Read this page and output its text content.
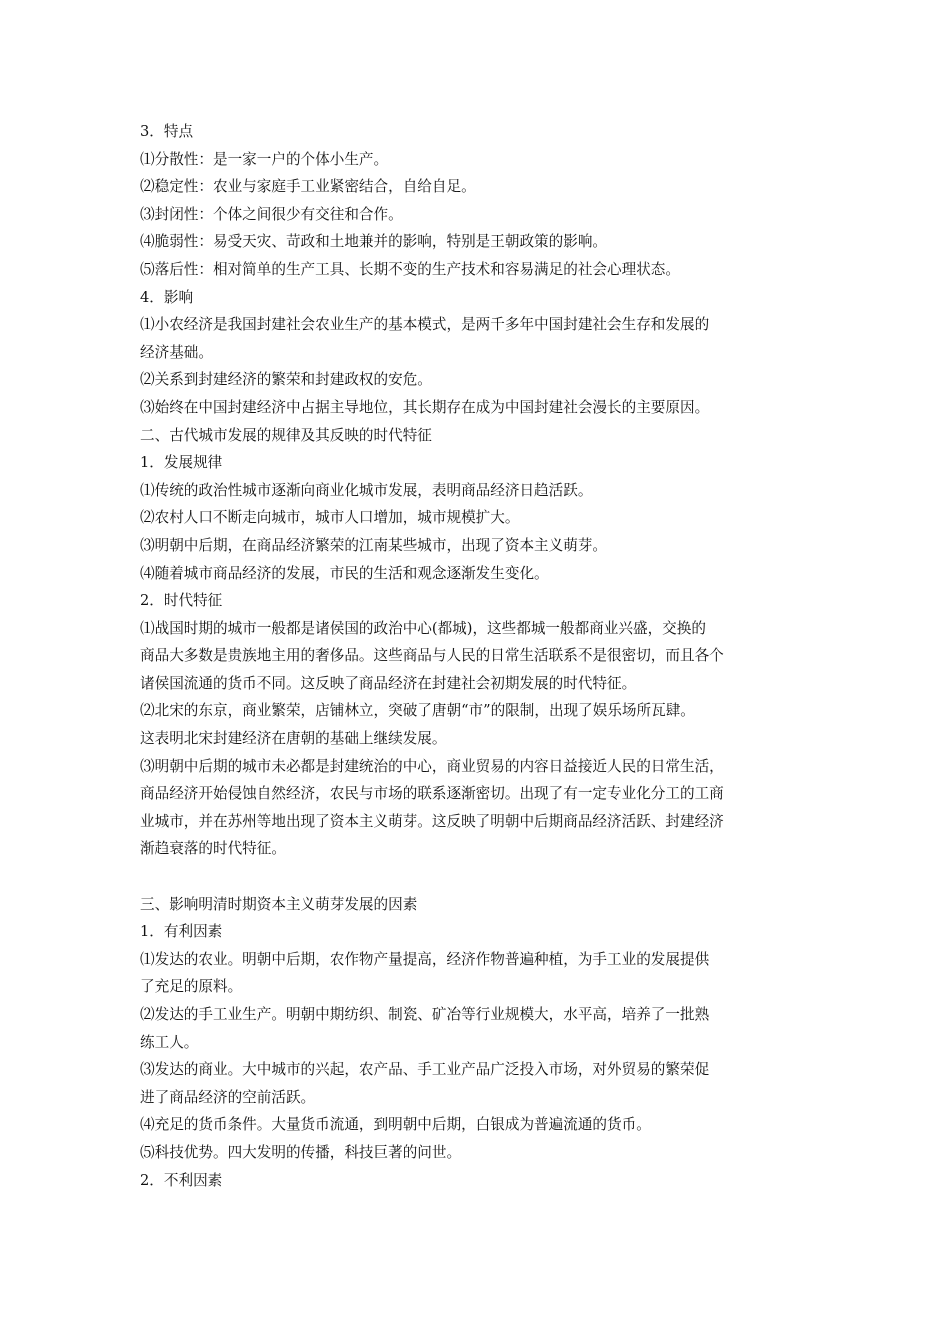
3．特点

⑴分散性：是一家一户的个体小生产。

⑵稳定性：农业与家庭手工业紧密结合，自给自足。

⑶封闭性：个体之间很少有交往和合作。

⑷脆弱性：易受天灾、苛政和土地兼并的影响，特别是王朝政策的影响。

⑸落后性：相对简单的生产工具、长期不变的生产技术和容易满足的社会心理状态。

4．影响

⑴小农经济是我国封建社会农业生产的基本模式，是两千多年中国封建社会生存和发展的

经济基础。

⑵关系到封建经济的繁荣和封建政权的安危。

⑶始终在中国封建经济中占据主导地位，其长期存在成为中国封建社会漫长的主要原因。

二、古代城市发展的规律及其反映的时代特征

1．发展规律

⑴传统的政治性城市逐渐向商业化城市发展，表明商品经济日趋活跃。

⑵农村人口不断走向城市，城市人口增加，城市规模扩大。

⑶明朝中后期，在商品经济繁荣的江南某些城市，出现了资本主义萌芽。

⑷随着城市商品经济的发展，市民的生活和观念逐渐发生变化。

2．时代特征

⑴战国时期的城市一般都是诸侯国的政治中心(都城)，这些都城一般都商业兴盛，交换的

商品大多数是贵族地主用的奢侈品。这些商品与人民的日常生活联系不是很密切，而且各个

诸侯国流通的货币不同。这反映了商品经济在封建社会初期发展的时代特征。

⑵北宋的东京，商业繁荣，店铺林立，突破了唐朝“市”的限制，出现了娱乐场所瓦肆。

这表明北宋封建经济在唐朝的基础上继续发展。

⑶明朝中后期的城市未必都是封建统治的中心，商业贸易的内容日益接近人民的日常生活，

商品经济开始侵蚀自然经济，农民与市场的联系逐渐密切。出现了有一定专业化分工的工商

业城市，并在苏州等地出现了资本主义萌芽。这反映了明朝中后期商品经济活跃、封建经济

渐趋衰落的时代特征。

三、影响明清时期资本主义萌芽发展的因素

1．有利因素

⑴发达的农业。明朝中后期，农作物产量提高，经济作物普遍种植，为手工业的发展提供

了充足的原料。

⑵发达的手工业生产。明朝中期纺织、制瓷、矿冶等行业规模大，水平高，培养了一批熟

练工人。

⑶发达的商业。大中城市的兴起，农产品、手工业产品广泛投入市场，对外贸易的繁荣促

进了商品经济的空前活跃。

⑷充足的货币条件。大量货币流通，到明朝中后期，白银成为普遍流通的货币。

⑸科技优势。四大发明的传播，科技巨著的问世。

2．不利因素
